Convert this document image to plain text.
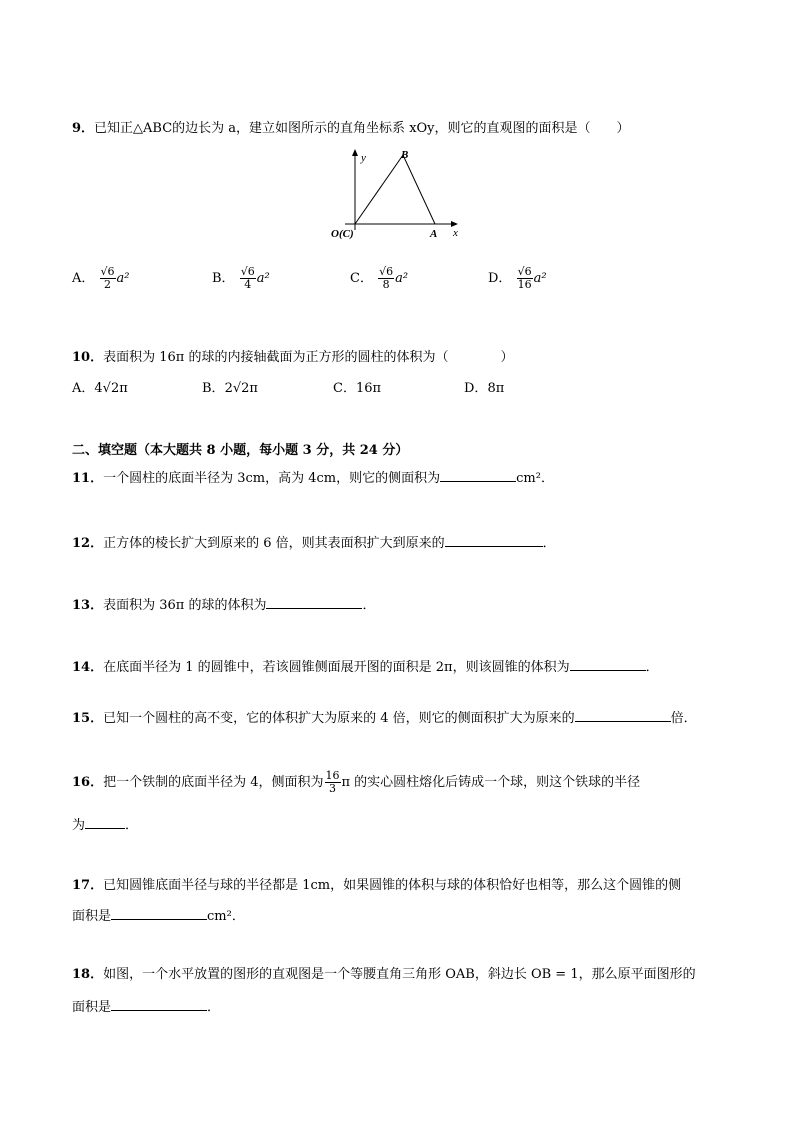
9．已知正△ABC的边长为 a，建立如图所示的直角坐标系 xOy，则它的直观图的面积是（　　）
y	B
O(C)	A x
A． $\frac{√6}{2} a^2$	B． $\frac{√6}{4} a^2$	C． $\frac{√6}{8} a^2$	D． $\frac{√6}{16} a^2$
10．表面积为 16π 的球的内接轴截面为正方形的圆柱的体积为（　　　　）
A．4√2π	B．2√2π	C．16π	D．8π
二、填空题（本大题共 8 小题，每小题 3 分，共 24 分）
11．一个圆柱的底面半径为 3cm，高为 4cm，则它的侧面积为	cm²．
12．正方体的棱长扩大到原来的 6 倍，则其表面积扩大到原来的	．
13．表面积为 36π 的球的体积为	．
14．在底面半径为 1 的圆锥中，若该圆锥侧面展开图的面积是 2π，则该圆锥的体积为	．
15．已知一个圆柱的高不变，它的体积扩大为原来的 4 倍，则它的侧面积扩大为原来的	倍．
16．把一个铁制的底面半径为 4，侧面积为 $\frac{16}{3}$ π 的实心圆柱熔化后铸成一个球，则这个铁球的半径
为	．
17．已知圆锥底面半径与球的半径都是 1cm，如果圆锥的体积与球的体积恰好也相等，那么这个圆锥的侧
面积是	cm²．
18．如图，一个水平放置的图形的直观图是一个等腰直角三角形 OAB，斜边长 OB = 1，那么原平面图形的
面积是	．
